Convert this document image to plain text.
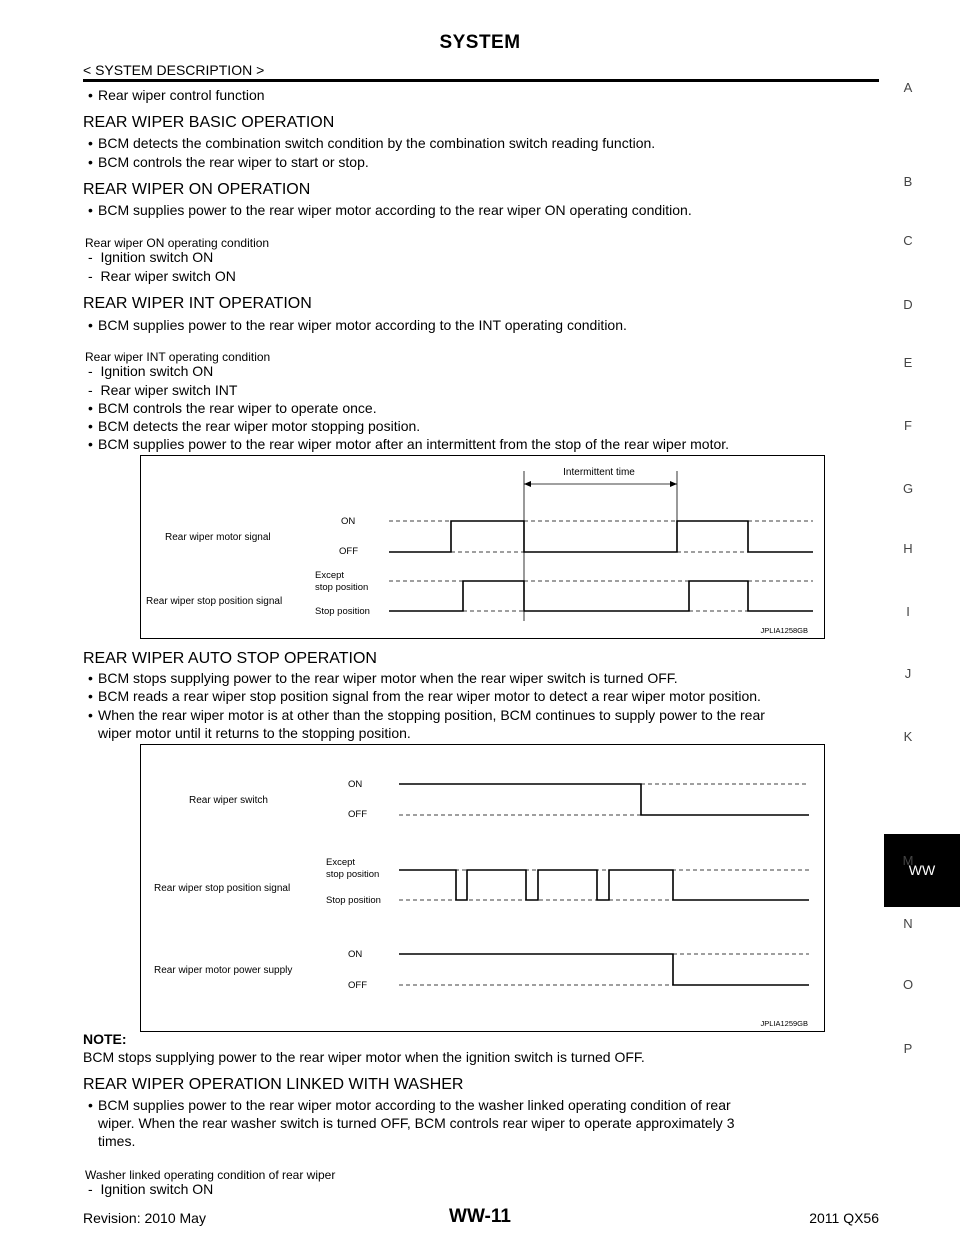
SYSTEM
< SYSTEM DESCRIPTION >
A
B
C
D
E
F
G
H
I
J
K
WW
M
N
O
P
• Rear wiper control function
REAR WIPER BASIC OPERATION
• BCM detects the combination switch condition by the combination switch reading function.
• BCM controls the rear wiper to start or stop.
REAR WIPER ON OPERATION
• BCM supplies power to the rear wiper motor according to the rear wiper ON operating condition.
Rear wiper ON operating condition
-  Ignition switch ON
-  Rear wiper switch ON
REAR WIPER INT OPERATION
• BCM supplies power to the rear wiper motor according to the INT operating condition.
Rear wiper INT operating condition
-  Ignition switch ON
-  Rear wiper switch INT
• BCM controls the rear wiper to operate once.
• BCM detects the rear wiper motor stopping position.
• BCM supplies power to the rear wiper motor after an intermittent from the stop of the rear wiper motor.
Intermittent time
Rear wiper motor signal
ON
OFF
Rear wiper stop position signal
Except
stop position
Stop position
JPLIA1258GB
REAR WIPER AUTO STOP OPERATION
• BCM stops supplying power to the rear wiper motor when the rear wiper switch is turned OFF.
• BCM reads a rear wiper stop position signal from the rear wiper motor to detect a rear wiper motor position.
• When the rear wiper motor is at other than the stopping position, BCM continues to supply power to the rear
wiper motor until it returns to the stopping position.
Rear wiper switch
ON
OFF
Rear wiper stop position signal
Except
stop position
Stop position
Rear wiper motor power supply
ON
OFF
JPLIA1259GB
NOTE:
BCM stops supplying power to the rear wiper motor when the ignition switch is turned OFF.
REAR WIPER OPERATION LINKED WITH WASHER
• BCM supplies power to the rear wiper motor according to the washer linked operating condition of rear
wiper. When the rear washer switch is turned OFF, BCM controls rear wiper to operate approximately 3
times.
Washer linked operating condition of rear wiper
-  Ignition switch ON
Revision: 2010 May	WW-11	2011 QX56
